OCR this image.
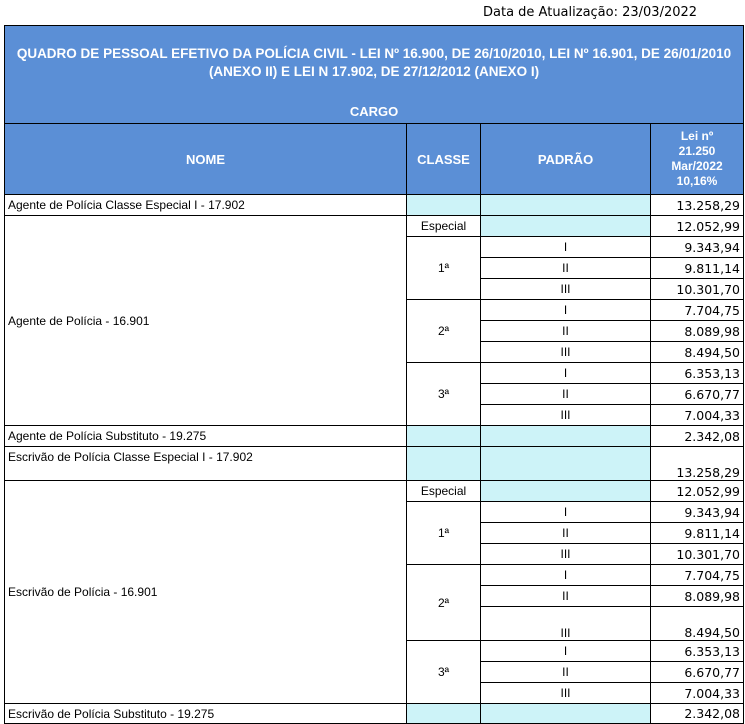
Data de Atualização: 23/03/2022
QUADRO DE PESSOAL EFETIVO DA POLÍCIA CIVIL - LEI Nº 16.900, DE 26/10/2010, LEI Nº 16.901, DE 26/01/2010 (ANEXO II) E LEI N 17.902, DE 27/12/2012 (ANEXO I)			
CARGO			
NOME	CLASSE	PADRÃO	Lei nº
21.250
Mar/2022
10,16%
Agente de Polícia Classe Especial I - 17.902			13.258,29
Agente de Polícia - 16.901	Especial		12.052,99
	1ª	I	9.343,94
		II	9.811,14
		III	10.301,70
	2ª	I	7.704,75
		II	8.089,98
		III	8.494,50
	3ª	I	6.353,13
		II	6.670,77
		III	7.004,33
Agente de Polícia Substituto - 19.275			2.342,08
Escrivão de Polícia Classe Especial I - 17.902			13.258,29
Escrivão de Polícia - 16.901	Especial		12.052,99
	1ª	I	9.343,94
		II	9.811,14
		III	10.301,70
	2ª	I	7.704,75
		II	8.089,98
		III	8.494,50
	3ª	I	6.353,13
		II	6.670,77
		III	7.004,33
Escrivão de Polícia Substituto - 19.275			2.342,08
